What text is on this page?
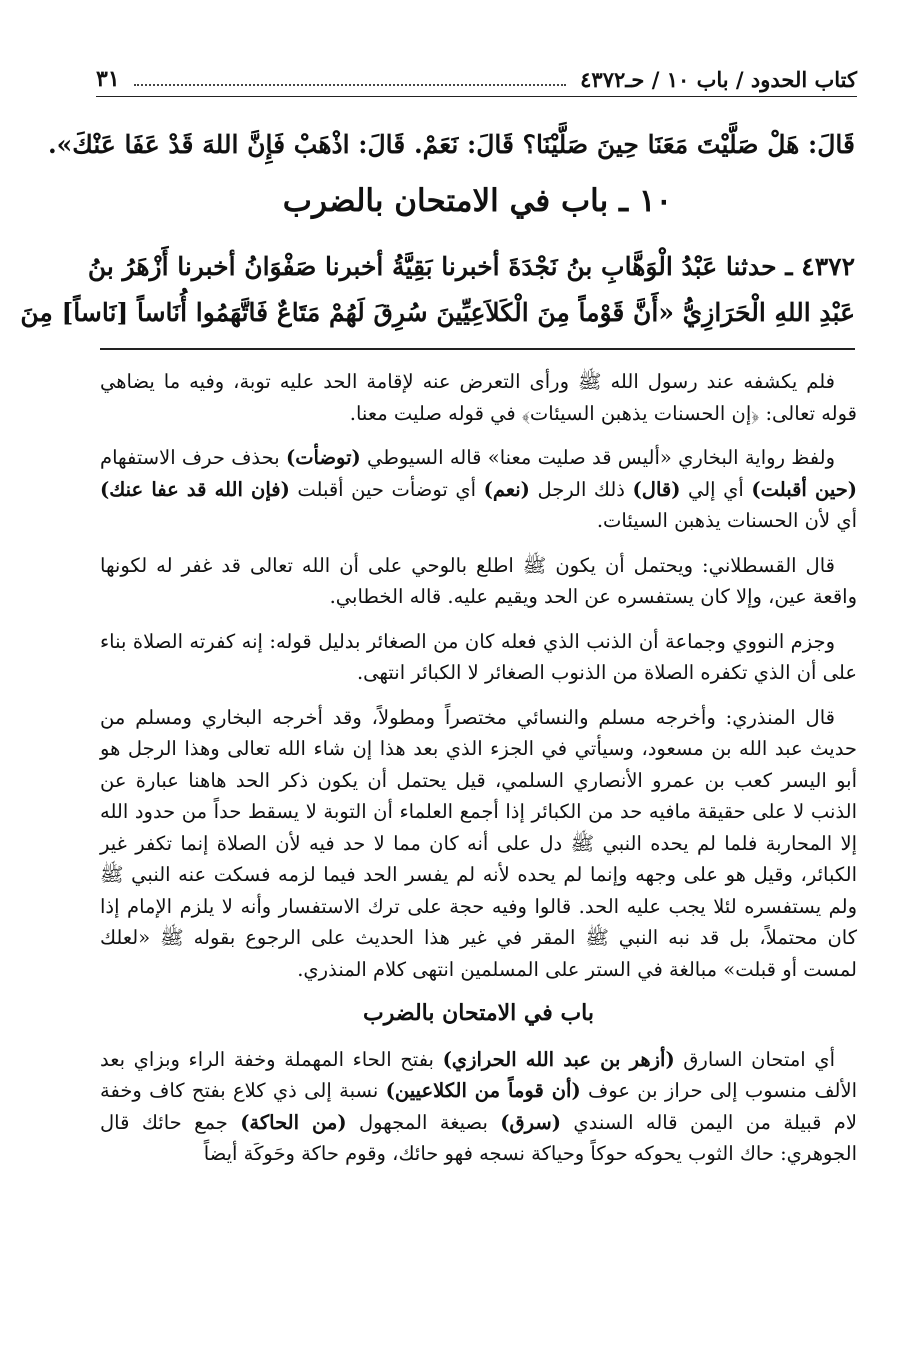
كتاب الحدود / باب ١٠ / حـ٤٣٧٢
٣١
قَالَ: هَلْ صَلَّيْتَ مَعَنَا حِينَ صَلَّيْنَا؟ قَالَ: نَعَمْ. قَالَ: اذْهَبْ فَإِنَّ اللهَ قَدْ عَفَا عَنْكَ».
١٠ ـ باب في الامتحان بالضرب
٤٣٧٢ ـ حدثنا عَبْدُ الْوَهَّابِ بنُ نَجْدَةَ أخبرنا بَقِيَّةُ أخبرنا صَفْوَانُ أخبرنا أَزْهَرُ بنُ
عَبْدِ اللهِ الْحَرَازِيُّ «أَنَّ قَوْماً مِنَ الْكَلاَعِيِّينَ سُرِقَ لَهُمْ مَتَاعٌ فَاتَّهَمُوا أُنَاساً [نَاساً] مِنَ

فلم يكشفه عند رسول الله ﷺ ورأى التعرض عنه لإقامة الحد عليه توبة، وفيه ما يضاهي قوله تعالى: ﴿إن الحسنات يذهبن السيئات﴾ في قوله صليت معنا.

ولفظ رواية البخاري «أليس قد صليت معنا» قاله السيوطي (توضأت) بحذف حرف الاستفهام (حين أقبلت) أي إلي (قال) ذلك الرجل (نعم) أي توضأت حين أقبلت (فإن الله قد عفا عنك) أي لأن الحسنات يذهبن السيئات.

قال القسطلاني: ويحتمل أن يكون ﷺ اطلع بالوحي على أن الله تعالى قد غفر له لكونها واقعة عين، وإلا كان يستفسره عن الحد ويقيم عليه. قاله الخطابي.

وجزم النووي وجماعة أن الذنب الذي فعله كان من الصغائر بدليل قوله: إنه كفرته الصلاة بناء على أن الذي تكفره الصلاة من الذنوب الصغائر لا الكبائر انتهى.

قال المنذري: وأخرجه مسلم والنسائي مختصراً ومطولاً، وقد أخرجه البخاري ومسلم من حديث عبد الله بن مسعود، وسيأتي في الجزء الذي بعد هذا إن شاء الله تعالى وهذا الرجل هو أبو اليسر كعب بن عمرو الأنصاري السلمي، قيل يحتمل أن يكون ذكر الحد هاهنا عبارة عن الذنب لا على حقيقة مافيه حد من الكبائر إذا أجمع العلماء أن التوبة لا يسقط حداً من حدود الله إلا المحاربة فلما لم يحده النبي ﷺ دل على أنه كان مما لا حد فيه لأن الصلاة إنما تكفر غير الكبائر، وقيل هو على وجهه وإنما لم يحده لأنه لم يفسر الحد فيما لزمه فسكت عنه النبي ﷺ ولم يستفسره لئلا يجب عليه الحد. قالوا وفيه حجة على ترك الاستفسار وأنه لا يلزم الإمام إذا كان محتملاً، بل قد نبه النبي ﷺ المقر في غير هذا الحديث على الرجوع بقوله ﷺ «لعلك لمست أو قبلت» مبالغة في الستر على المسلمين انتهى كلام المنذري.

باب في الامتحان بالضرب

أي امتحان السارق (أزهر بن عبد الله الحرازي) بفتح الحاء المهملة وخفة الراء وبزاي بعد الألف منسوب إلى حراز بن عوف (أن قوماً من الكلاعيين) نسبة إلى ذي كلاع بفتح كاف وخفة لام قبيلة من اليمن قاله السندي (سرق) بصيغة المجهول (من الحاكة) جمع حائك قال الجوهري: حاك الثوب يحوكه حوكاً وحياكة نسجه فهو حائك، وقوم حاكة وحَوكَة أيضاً
